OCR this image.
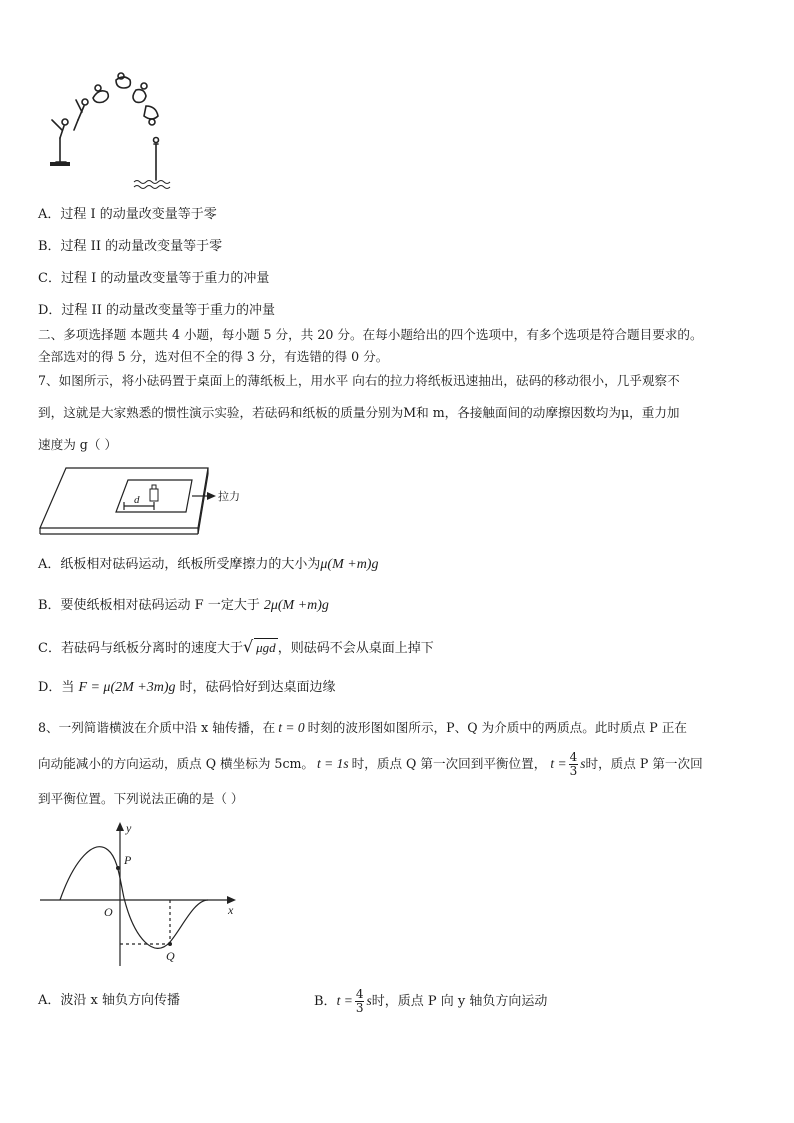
A．过程 I 的动量改变量等于零
B．过程 II 的动量改变量等于零
C．过程 I 的动量改变量等于重力的冲量
D．过程 II 的动量改变量等于重力的冲量
二、多项选择题 本题共 4 小题，每小题 5 分，共 20 分。在每小题给出的四个选项中，有多个选项是符合题目要求的。
全部选对的得 5 分，选对但不全的得 3 分，有选错的得 0 分。
7、如图所示，将小砝码置于桌面上的薄纸板上，用水平 向右的拉力将纸板迅速抽出，砝码的移动很小，几乎观察不
到，这就是大家熟悉的惯性演示实验，若砝码和纸板的质量分别为M和 m，各接触面间的动摩擦因数均为μ，重力加
速度为 g（ ）
d	拉力
A．纸板相对砝码运动，纸板所受摩擦力的大小为μ(M +m)g
B．要使纸板相对砝码运动 F 一定大于 2μ(M +m)g
C．若砝码与纸板分离时的速度大于√ μgd ，则砝码不会从桌面上掉下
D．当 F = μ(2M +3m)g 时，砝码恰好到达桌面边缘
8、一列简谐横波在介质中沿 x 轴传播，在 t = 0 时刻的波形图如图所示，P、Q 为介质中的两质点。此时质点 P 正在
向动能减小的方向运动，质点 Q 横坐标为 5cm。 t = 1s 时，质点 Q 第一次回到平衡位置， $t = \frac{4}{3}$ s时，质点 P 第一次回
到平衡位置。下列说法正确的是（ ）
y
x
O
P
Q
A．波沿 x 轴负方向传播	B．$t = \frac{4}{3}$ s时，质点 P 向 y 轴负方向运动
